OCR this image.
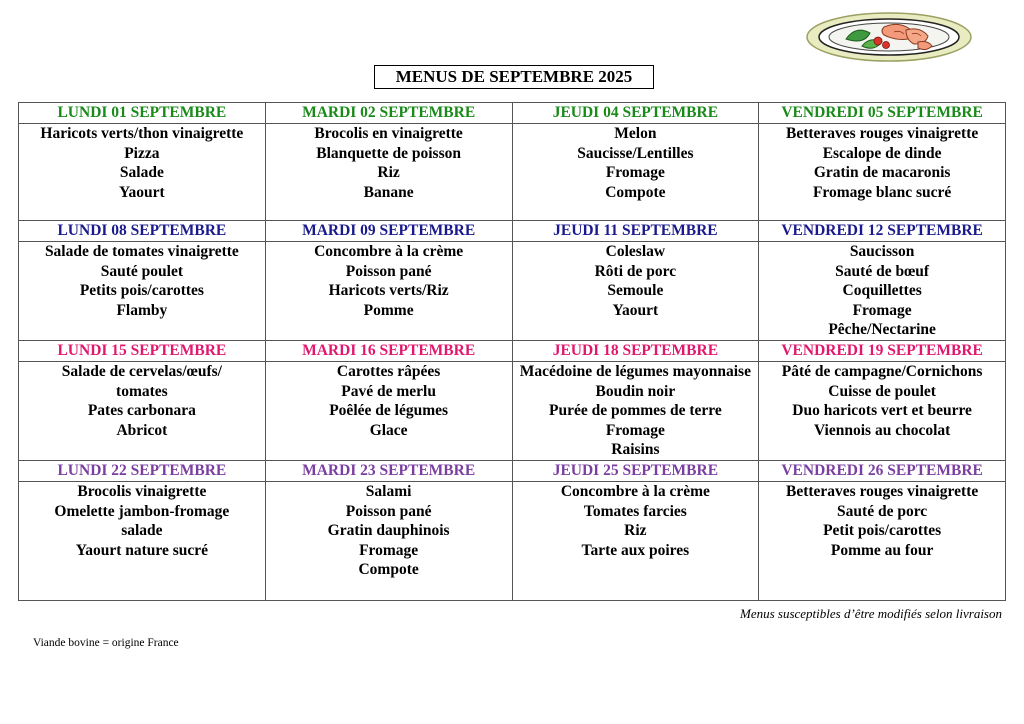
MENUS DE SEPTEMBRE 2025
LUNDI 01 SEPTEMBRE	MARDI 02 SEPTEMBRE	JEUDI 04 SEPTEMBRE	VENDREDI 05 SEPTEMBRE

Haricots verts/thon vinaigrette
Pizza
Salade
Yaourt	Brocolis en vinaigrette
Blanquette de poisson
Riz
Banane	Melon
Saucisse/Lentilles
Fromage
Compote	Betteraves rouges vinaigrette
Escalope de dinde
Gratin de macaronis
Fromage blanc sucré

LUNDI 08 SEPTEMBRE	MARDI 09 SEPTEMBRE	JEUDI 11 SEPTEMBRE	VENDREDI 12 SEPTEMBRE

Salade de tomates vinaigrette
Sauté poulet
Petits pois/carottes
Flamby	Concombre à la crème
Poisson pané
Haricots verts/Riz
Pomme	Coleslaw
Rôti de porc
Semoule
Yaourt	Saucisson
Sauté de bœuf
Coquillettes
Fromage
Pêche/Nectarine

LUNDI 15 SEPTEMBRE	MARDI 16 SEPTEMBRE	JEUDI 18 SEPTEMBRE	VENDREDI 19 SEPTEMBRE

Salade de cervelas/œufs/
tomates
Pates carbonara
Abricot	Carottes râpées
Pavé de merlu
Poêlée de légumes
Glace	Macédoine de légumes mayonnaise
Boudin noir
Purée de pommes de terre
Fromage
Raisins	Pâté de campagne/Cornichons
Cuisse de poulet
Duo haricots vert et beurre
Viennois au chocolat

LUNDI 22 SEPTEMBRE	MARDI 23 SEPTEMBRE	JEUDI 25 SEPTEMBRE	VENDREDI 26 SEPTEMBRE

Brocolis vinaigrette
Omelette jambon-fromage
salade
Yaourt nature sucré	Salami
Poisson pané
Gratin dauphinois
Fromage
Compote	Concombre à la crème
Tomates farcies
Riz
Tarte aux poires	Betteraves rouges vinaigrette
Sauté de porc
Petit pois/carottes
Pomme au four
Menus susceptibles d’être modifiés selon livraison
Viande bovine = origine France
